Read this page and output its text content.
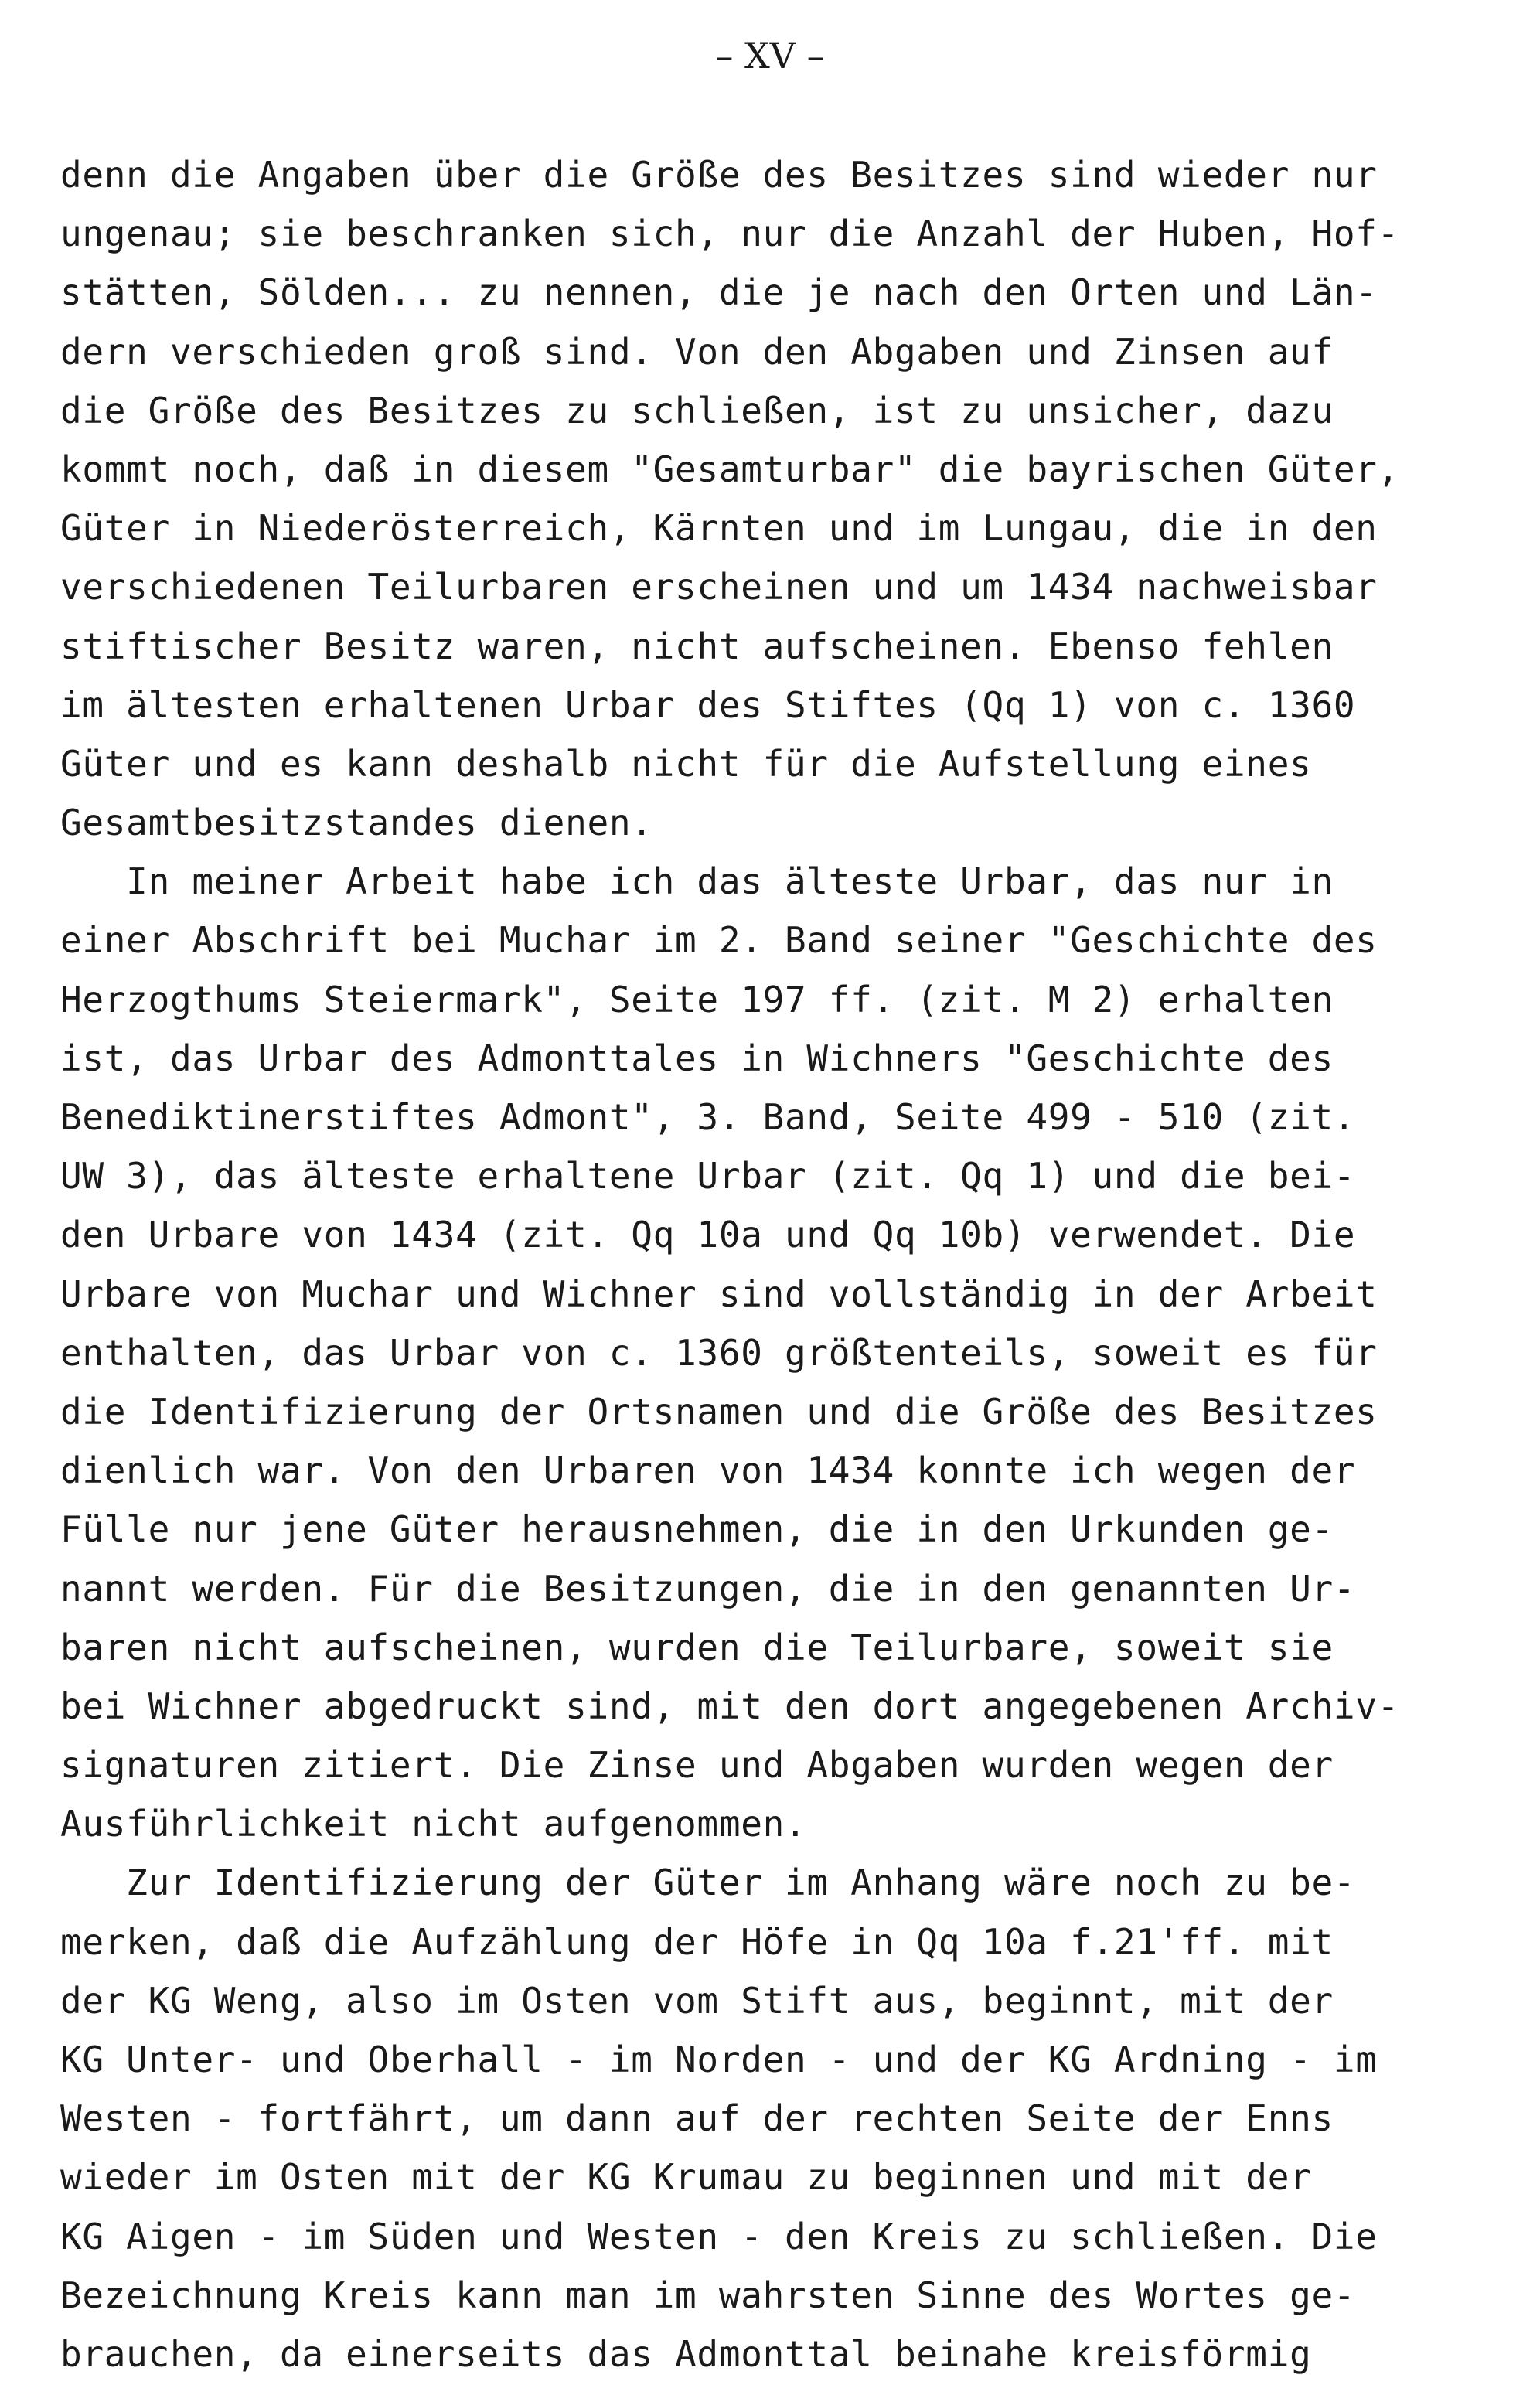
– XV –
denn die Angaben über die Größe des Besitzes sind wieder nur
ungenau; sie beschranken sich, nur die Anzahl der Huben, Hof-
stätten, Sölden... zu nennen, die je nach den Orten und Län-
dern verschieden groß sind. Von den Abgaben und Zinsen auf
die Größe des Besitzes zu schließen, ist zu unsicher, dazu
kommt noch, daß in diesem "Gesamturbar" die bayrischen Güter,
Güter in Niederösterreich, Kärnten und im Lungau, die in den
verschiedenen Teilurbaren erscheinen und um 1434 nachweisbar
stiftischer Besitz waren, nicht aufscheinen. Ebenso fehlen
im ältesten erhaltenen Urbar des Stiftes (Qq 1) von c. 1360
Güter und es kann deshalb nicht für die Aufstellung eines
Gesamtbesitzstandes dienen.
In meiner Arbeit habe ich das älteste Urbar, das nur in
einer Abschrift bei Muchar im 2. Band seiner "Geschichte des
Herzogthums Steiermark", Seite 197 ff. (zit. M 2) erhalten
ist, das Urbar des Admonttales in Wichners "Geschichte des
Benediktinerstiftes Admont", 3. Band, Seite 499 - 510 (zit.
UW 3), das älteste erhaltene Urbar (zit. Qq 1) und die bei-
den Urbare von 1434 (zit. Qq 10a und Qq 10b) verwendet. Die
Urbare von Muchar und Wichner sind vollständig in der Arbeit
enthalten, das Urbar von c. 1360 größtenteils, soweit es für
die Identifizierung der Ortsnamen und die Größe des Besitzes
dienlich war. Von den Urbaren von 1434 konnte ich wegen der
Fülle nur jene Güter herausnehmen, die in den Urkunden ge-
nannt werden. Für die Besitzungen, die in den genannten Ur-
baren nicht aufscheinen, wurden die Teilurbare, soweit sie
bei Wichner abgedruckt sind, mit den dort angegebenen Archiv-
signaturen zitiert. Die Zinse und Abgaben wurden wegen der
Ausführlichkeit nicht aufgenommen.
Zur Identifizierung der Güter im Anhang wäre noch zu be-
merken, daß die Aufzählung der Höfe in Qq 10a f.21'ff. mit
der KG Weng, also im Osten vom Stift aus, beginnt, mit der
KG Unter- und Oberhall - im Norden - und der KG Ardning - im
Westen - fortfährt, um dann auf der rechten Seite der Enns
wieder im Osten mit der KG Krumau zu beginnen und mit der
KG Aigen - im Süden und Westen - den Kreis zu schließen. Die
Bezeichnung Kreis kann man im wahrsten Sinne des Wortes ge-
brauchen, da einerseits das Admonttal beinahe kreisförmig
